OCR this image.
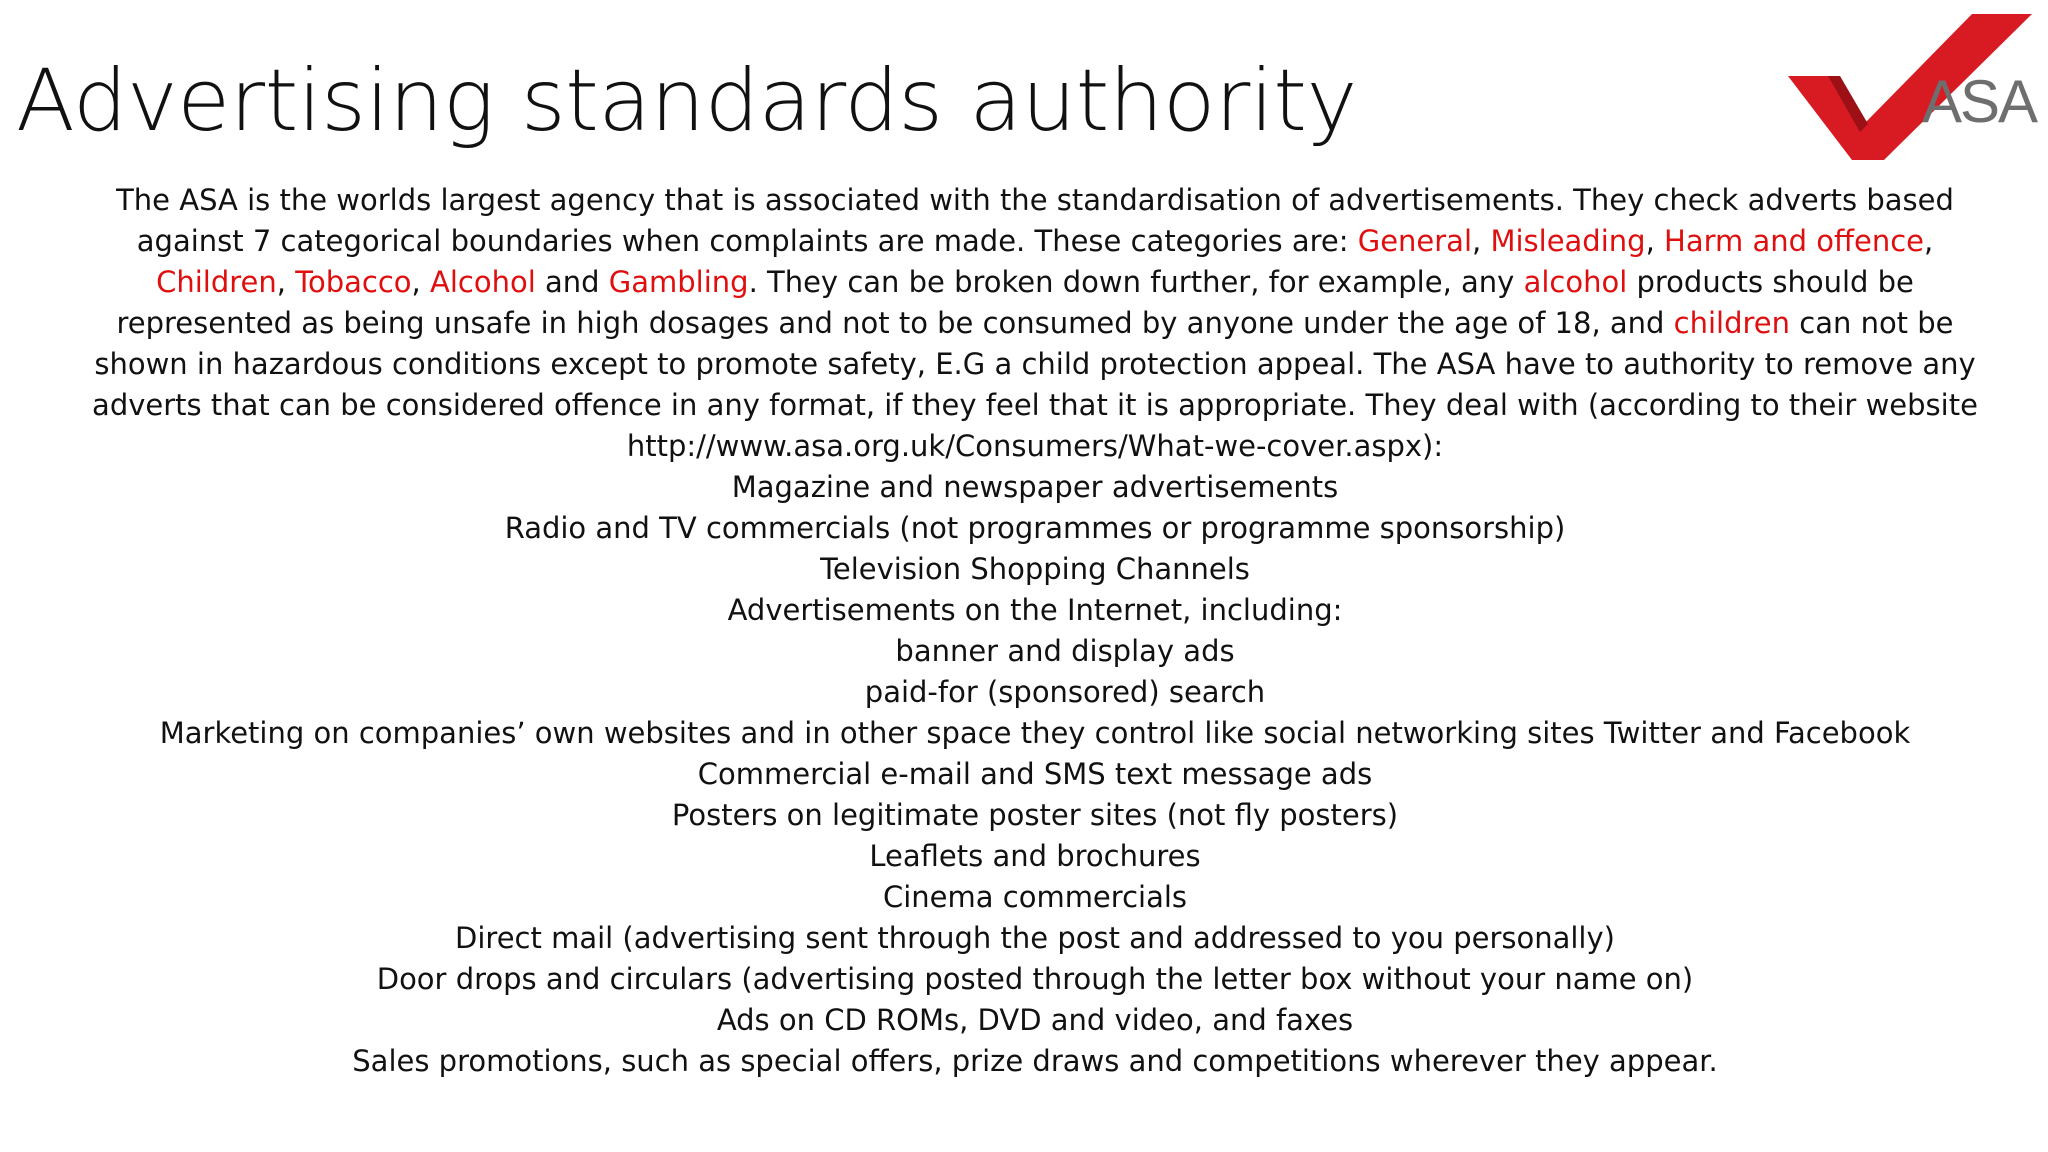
Advertising standards authority	ASA

The ASA is the worlds largest agency that is associated with the standardisation of advertisements. They check adverts based against 7 categorical boundaries when complaints are made. These categories are: General, Misleading, Harm and offence, Children, Tobacco, Alcohol and Gambling. They can be broken down further, for example, any alcohol products should be represented as being unsafe in high dosages and not to be consumed by anyone under the age of 18, and children can not be shown in hazardous conditions except to promote safety, E.G a child protection appeal. The ASA have to authority to remove any adverts that can be considered offence in any format, if they feel that it is appropriate. They deal with (according to their website http://www.asa.org.uk/Consumers/What-we-cover.aspx):

Magazine and newspaper advertisements
Radio and TV commercials (not programmes or programme sponsorship)
Television Shopping Channels
Advertisements on the Internet, including:
banner and display ads
paid-for (sponsored) search
Marketing on companies’ own websites and in other space they control like social networking sites Twitter and Facebook
Commercial e-mail and SMS text message ads
Posters on legitimate poster sites (not fly posters)
Leaflets and brochures
Cinema commercials
Direct mail (advertising sent through the post and addressed to you personally)
Door drops and circulars (advertising posted through the letter box without your name on)
Ads on CD ROMs, DVD and video, and faxes
Sales promotions, such as special offers, prize draws and competitions wherever they appear.
